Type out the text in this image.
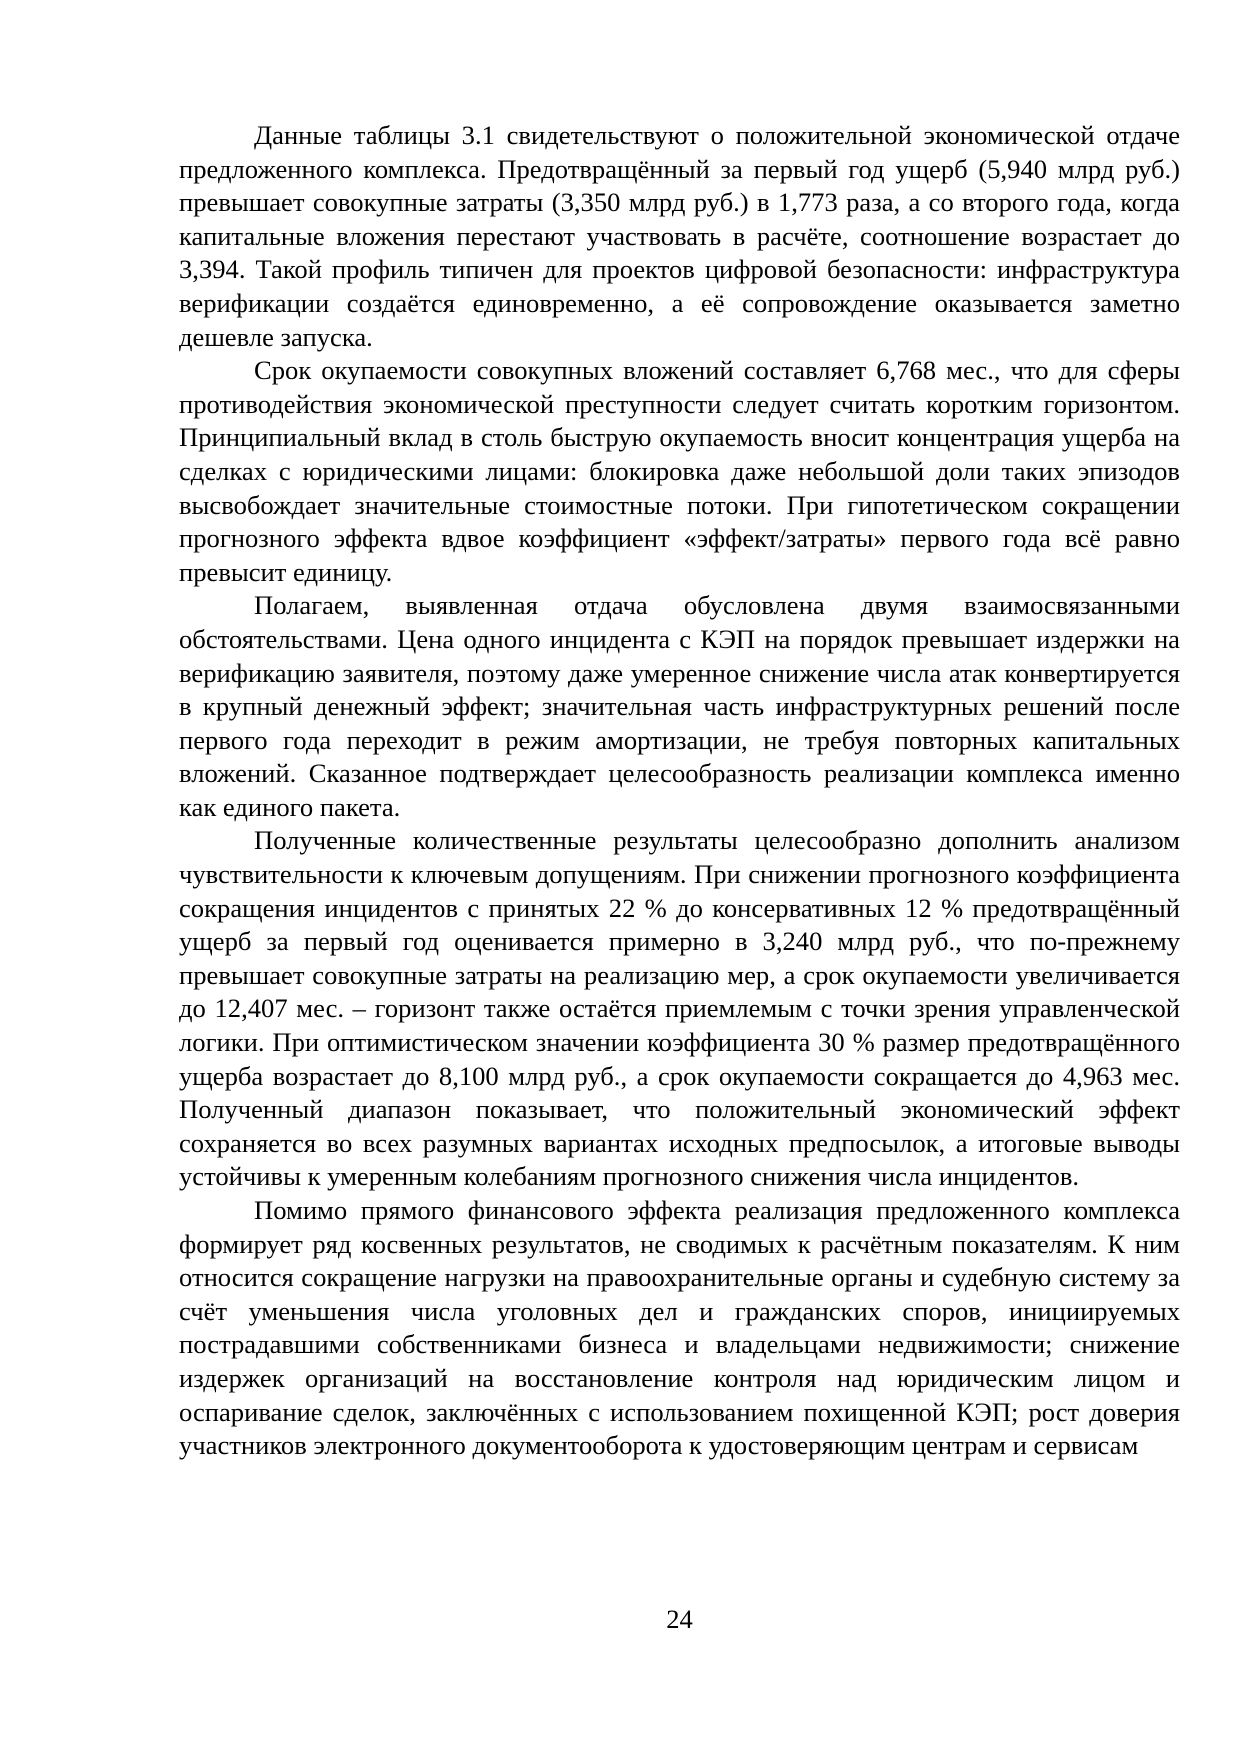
Данные таблицы 3.1 свидетельствуют о положительной экономической отдаче предложенного комплекса. Предотвращённый за первый год ущерб (5,940 млрд руб.) превышает совокупные затраты (3,350 млрд руб.) в 1,773 раза, а со второго года, когда капитальные вложения перестают участвовать в расчёте, соотношение возрастает до 3,394. Такой профиль типичен для проектов цифровой безопасности: инфраструктура верификации создаётся единовременно, а её сопровождение оказывается заметно дешевле запуска.

Срок окупаемости совокупных вложений составляет 6,768 мес., что для сферы противодействия экономической преступности следует считать коротким горизонтом. Принципиальный вклад в столь быструю окупаемость вносит концентрация ущерба на сделках с юридическими лицами: блокировка даже небольшой доли таких эпизодов высвобождает значительные стоимостные потоки. При гипотетическом сокращении прогнозного эффекта вдвое коэффициент «эффект/затраты» первого года всё равно превысит единицу.

Полагаем, выявленная отдача обусловлена двумя взаимосвязанными обстоятельствами. Цена одного инцидента с КЭП на порядок превышает издержки на верификацию заявителя, поэтому даже умеренное снижение числа атак конвертируется в крупный денежный эффект; значительная часть инфраструктурных решений после первого года переходит в режим амортизации, не требуя повторных капитальных вложений. Сказанное подтверждает целесообразность реализации комплекса именно как единого пакета.

Полученные количественные результаты целесообразно дополнить анализом чувствительности к ключевым допущениям. При снижении прогнозного коэффициента сокращения инцидентов с принятых 22 % до консервативных 12 % предотвращённый ущерб за первый год оценивается примерно в 3,240 млрд руб., что по-прежнему превышает совокупные затраты на реализацию мер, а срок окупаемости увеличивается до 12,407 мес. – горизонт также остаётся приемлемым с точки зрения управленческой логики. При оптимистическом значении коэффициента 30 % размер предотвращённого ущерба возрастает до 8,100 млрд руб., а срок окупаемости сокращается до 4,963 мес. Полученный диапазон показывает, что положительный экономический эффект сохраняется во всех разумных вариантах исходных предпосылок, а итоговые выводы устойчивы к умеренным колебаниям прогнозного снижения числа инцидентов.

Помимо прямого финансового эффекта реализация предложенного комплекса формирует ряд косвенных результатов, не сводимых к расчётным показателям. К ним относится сокращение нагрузки на правоохранительные органы и судебную систему за счёт уменьшения числа уголовных дел и гражданских споров, инициируемых пострадавшими собственниками бизнеса и владельцами недвижимости; снижение издержек организаций на восстановление контроля над юридическим лицом и оспаривание сделок, заключённых с использованием похищенной КЭП; рост доверия участников электронного документооборота к удостоверяющим центрам и сервисам

24
